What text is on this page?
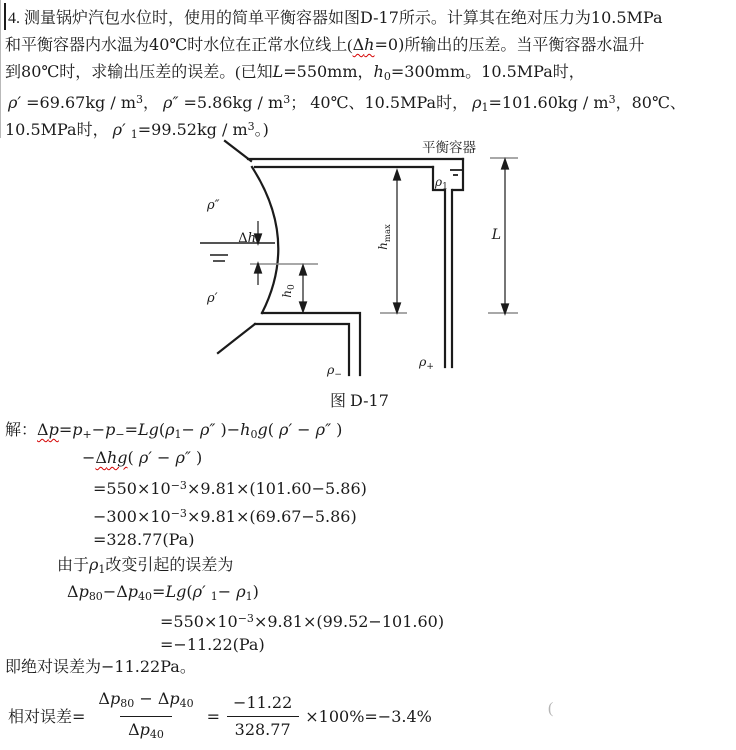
4. 测量锅炉汽包水位时，使用的简单平衡容器如图D-17所示。计算其在绝对压力为10.5MPa
和平衡容器内水温为40℃时水位在正常水位线上(Δh=0)所输出的压差。当平衡容器水温升
到80℃时，求输出压差的误差。(已知L=550mm，h0=300mm。10.5MPa时，
$\rho' =69.67kg / m^3$， $\rho'' =5.86kg / m^3$； 40℃、10.5MPa时， $\rho 1=101.60kg / m^3$，80℃、
10.5MPa时， ρ′ $1=99.52kg / m^3$。)
平衡容器
ρ″
ρ′
Δh
h0
hmax
ρ1
L
ρ−
ρ+
图 D-17
解：Δp=p+−p−=Lg(ρ1− ρ″ )−h0g( ρ′ − ρ″ )
−Δhg( ρ′ − ρ″ )
$=550\times 10^{-3}\times 9.81\times(101.60-5.86)$
$-300\times 10^{-3}\times 9.81\times(69.67-5.86)$
=328.77(Pa)
由于ρ1改变引起的误差为
Δp80−Δp40=Lg(ρ′ 1− ρ1)
$=550\times 10^{-3}\times 9.81\times(99.52-101.60)$
=−11.22(Pa)
即绝对误差为−11.22Pa。
相对误差= $\frac{\Delta p80 - \Delta p40}{\Delta p40} = \frac{-11.22}{328.77} \times 100\%=-3.4\%$	(
